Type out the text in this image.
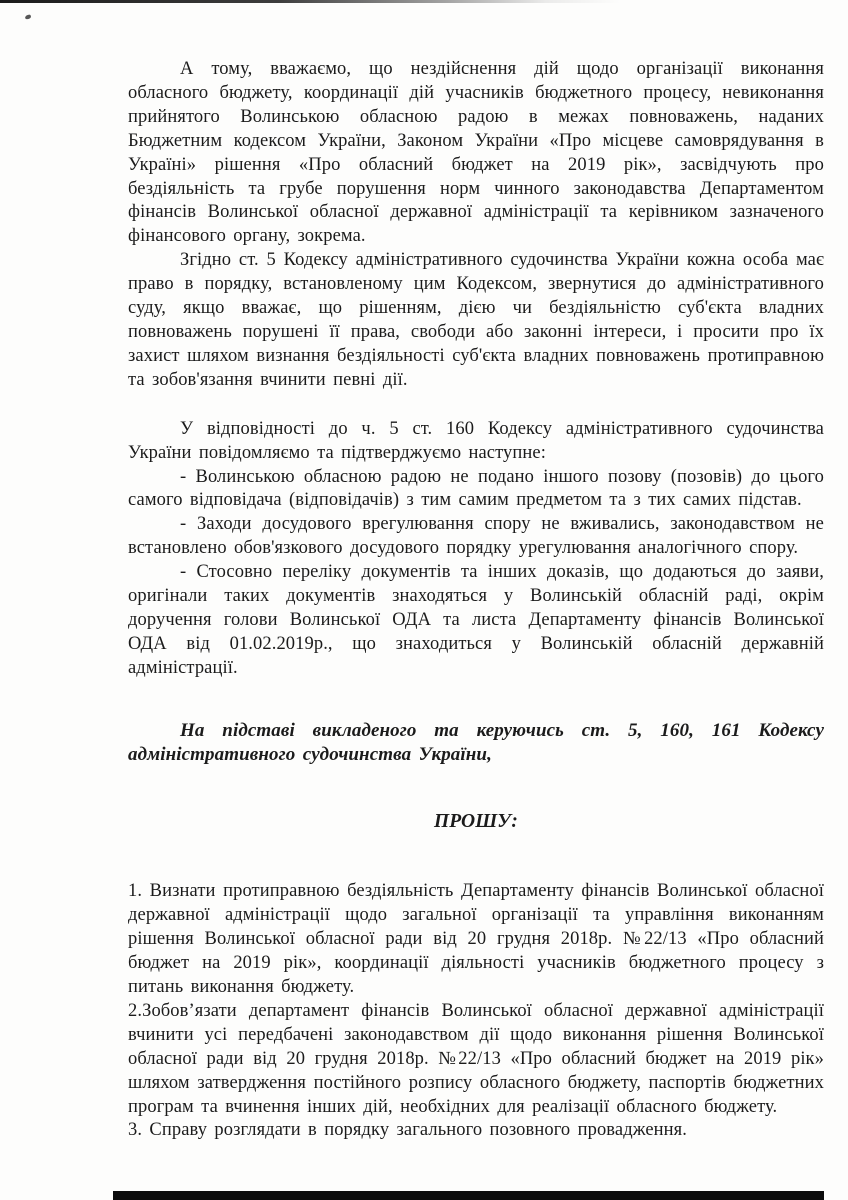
А тому, вважаємо, що нездійснення дій щодо організації виконання обласного бюджету, координації дій учасників бюджетного процесу, невиконання прийнятого Волинською обласною радою в межах повноважень, наданих Бюджетним кодексом України, Законом України «Про місцеве самоврядування в Україні» рішення «Про обласний бюджет на 2019 рік», засвідчують про бездіяльність та грубе порушення норм чинного законодавства Департаментом фінансів Волинської обласної державної адміністрації та керівником зазначеного фінансового органу, зокрема.

Згідно ст. 5 Кодексу адміністративного судочинства України кожна особа має право в порядку, встановленому цим Кодексом, звернутися до адміністративного суду, якщо вважає, що рішенням, дією чи бездіяльністю суб'єкта владних повноважень порушені її права, свободи або законні інтереси, і просити про їх захист шляхом визнання бездіяльності суб'єкта владних повноважень протиправною та зобов'язання вчинити певні дії.

У відповідності до ч. 5 ст. 160 Кодексу адміністративного судочинства України повідомляємо та підтверджуємо наступне:

- Волинською обласною радою не подано іншого позову (позовів) до цього самого відповідача (відповідачів) з тим самим предметом та з тих самих підстав.

- Заходи досудового врегулювання спору не вживались, законодавством не встановлено обов'язкового досудового порядку урегулювання аналогічного спору.

- Стосовно переліку документів та інших доказів, що додаються до заяви, оригінали таких документів знаходяться у Волинській обласній раді, окрім доручення голови Волинської ОДА та листа Департаменту фінансів Волинської ОДА від 01.02.2019р., що знаходиться у Волинській обласній державній адміністрації.

На підставі викладеного та керуючись ст. 5, 160, 161 Кодексу адміністративного судочинства України,

ПРОШУ:

1. Визнати протиправною бездіяльність Департаменту фінансів Волинської обласної державної адміністрації щодо загальної організації та управління виконанням рішення Волинської обласної ради від 20 грудня 2018р. №22/13 «Про обласний бюджет на 2019 рік», координації діяльності учасників бюджетного процесу з питань виконання бюджету.

2.Зобов’язати департамент фінансів Волинської обласної державної адміністрації вчинити усі передбачені законодавством дії щодо виконання рішення Волинської обласної ради від 20 грудня 2018р. №22/13 «Про обласний бюджет на 2019 рік» шляхом затвердження постійного розпису обласного бюджету, паспортів бюджетних програм та вчинення інших дій, необхідних для реалізації обласного бюджету.

3. Справу розглядати в порядку загального позовного провадження.
